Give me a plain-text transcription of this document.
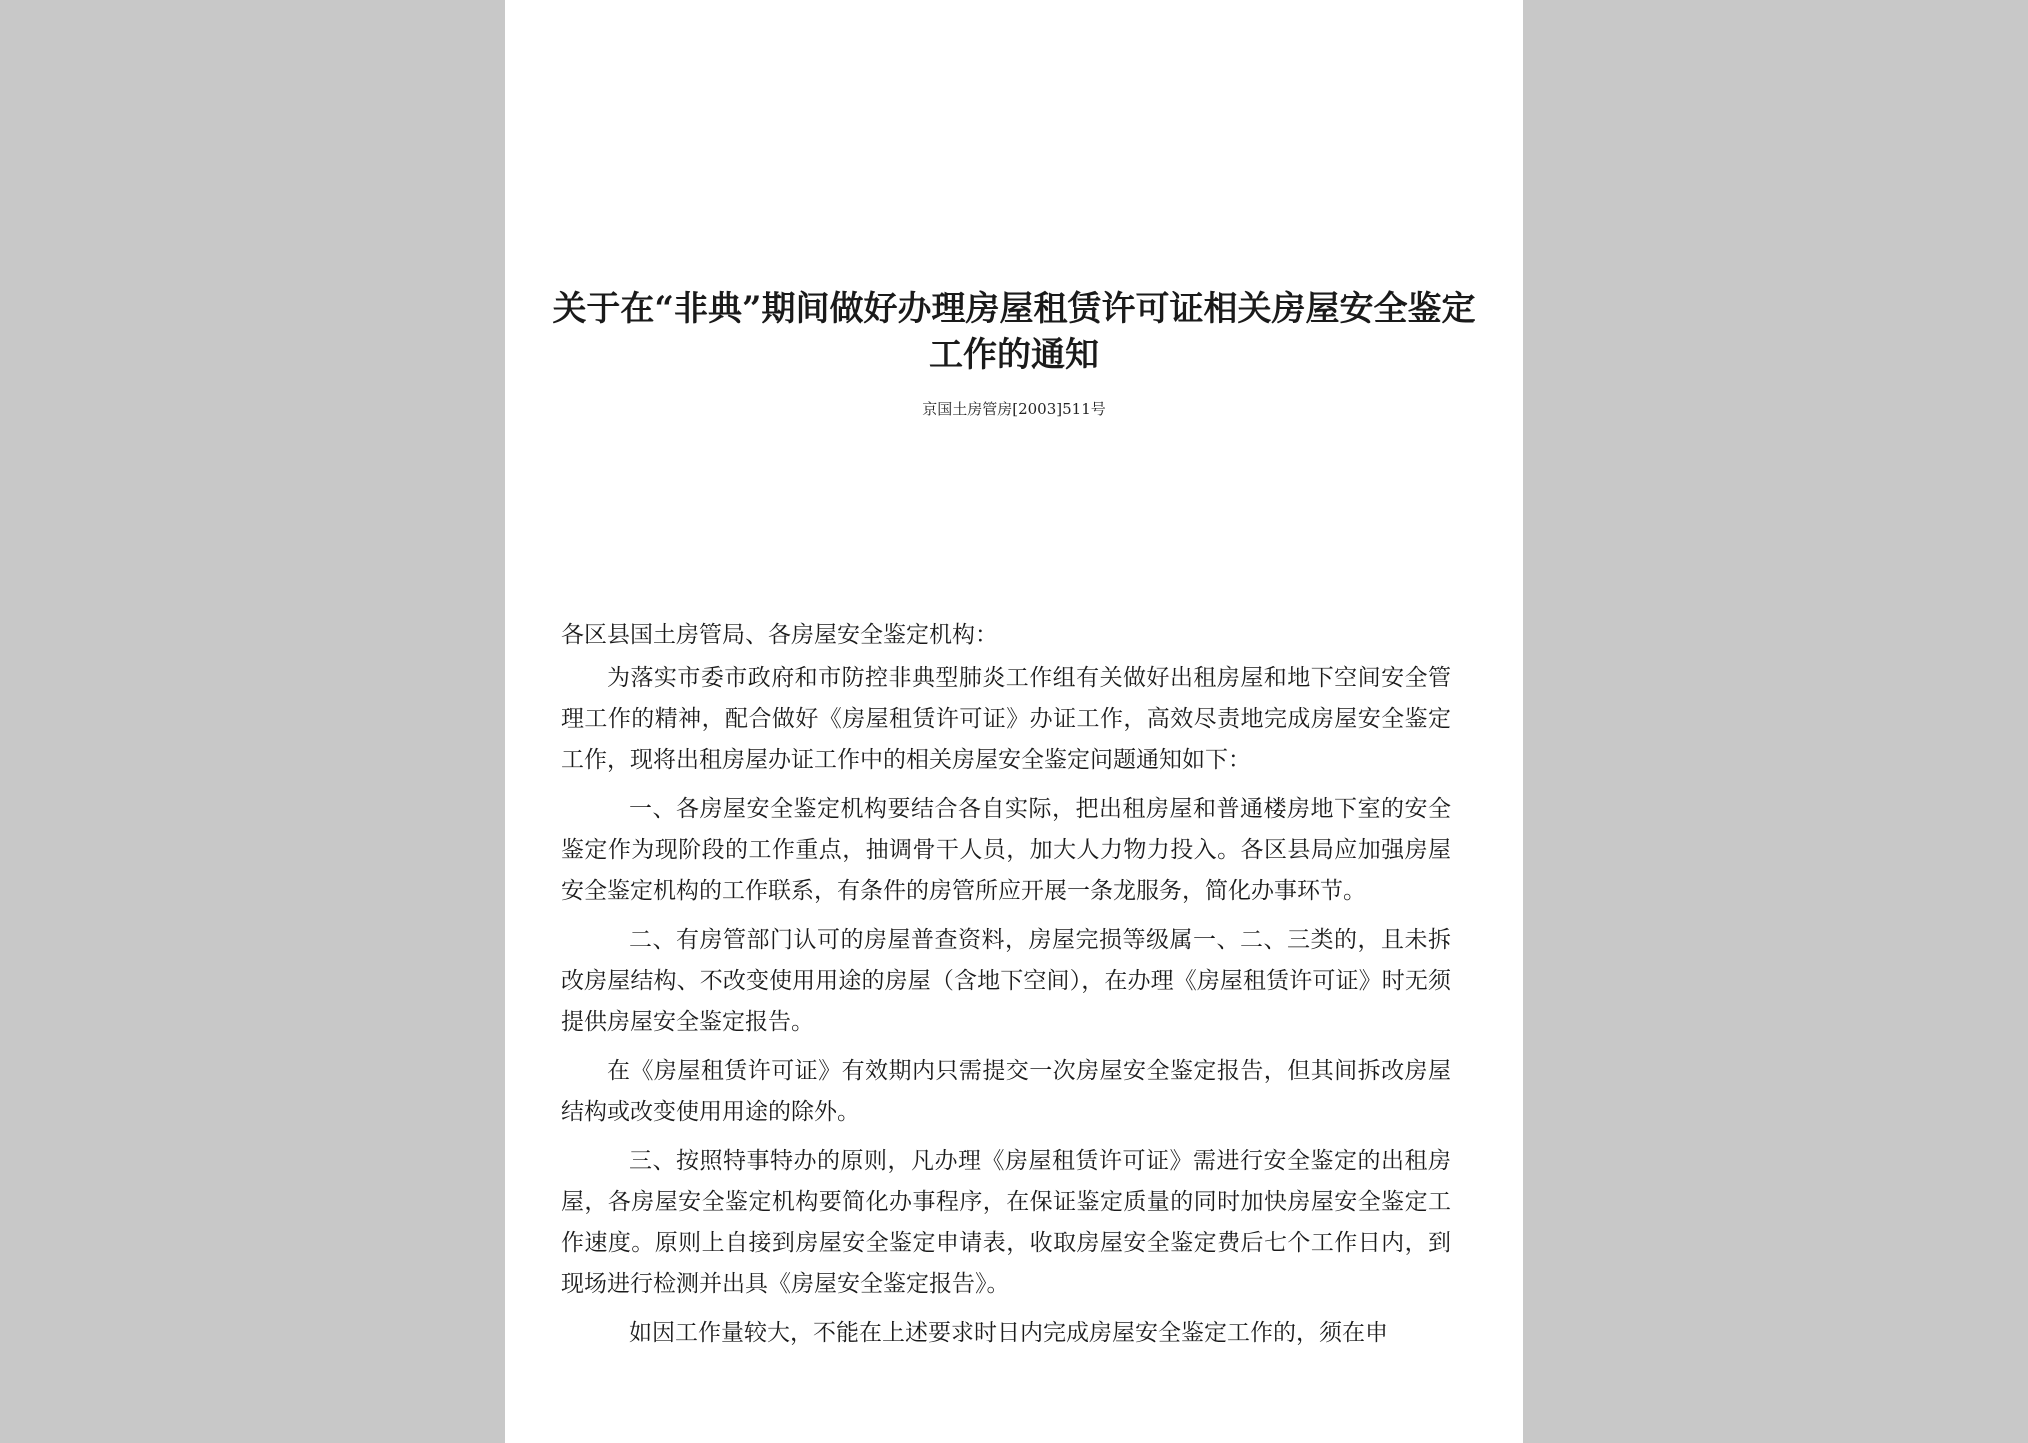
关于在“非典”期间做好办理房屋租赁许可证相关房屋安全鉴定工作的通知
京国土房管房[2003]511号

各区县国土房管局、各房屋安全鉴定机构：

为落实市委市政府和市防控非典型肺炎工作组有关做好出租房屋和地下空间安全管理工作的精神，配合做好《房屋租赁许可证》办证工作，高效尽责地完成房屋安全鉴定工作，现将出租房屋办证工作中的相关房屋安全鉴定问题通知如下：

一、各房屋安全鉴定机构要结合各自实际，把出租房屋和普通楼房地下室的安全鉴定作为现阶段的工作重点，抽调骨干人员，加大人力物力投入。各区县局应加强房屋安全鉴定机构的工作联系，有条件的房管所应开展一条龙服务，简化办事环节。

二、有房管部门认可的房屋普查资料，房屋完损等级属一、二、三类的，且未拆改房屋结构、不改变使用用途的房屋（含地下空间），在办理《房屋租赁许可证》时无须提供房屋安全鉴定报告。

在《房屋租赁许可证》有效期内只需提交一次房屋安全鉴定报告，但其间拆改房屋结构或改变使用用途的除外。

三、按照特事特办的原则，凡办理《房屋租赁许可证》需进行安全鉴定的出租房屋，各房屋安全鉴定机构要简化办事程序，在保证鉴定质量的同时加快房屋安全鉴定工作速度。原则上自接到房屋安全鉴定申请表，收取房屋安全鉴定费后七个工作日内，到现场进行检测并出具《房屋安全鉴定报告》。

如因工作量较大，不能在上述要求时日内完成房屋安全鉴定工作的，须在申
